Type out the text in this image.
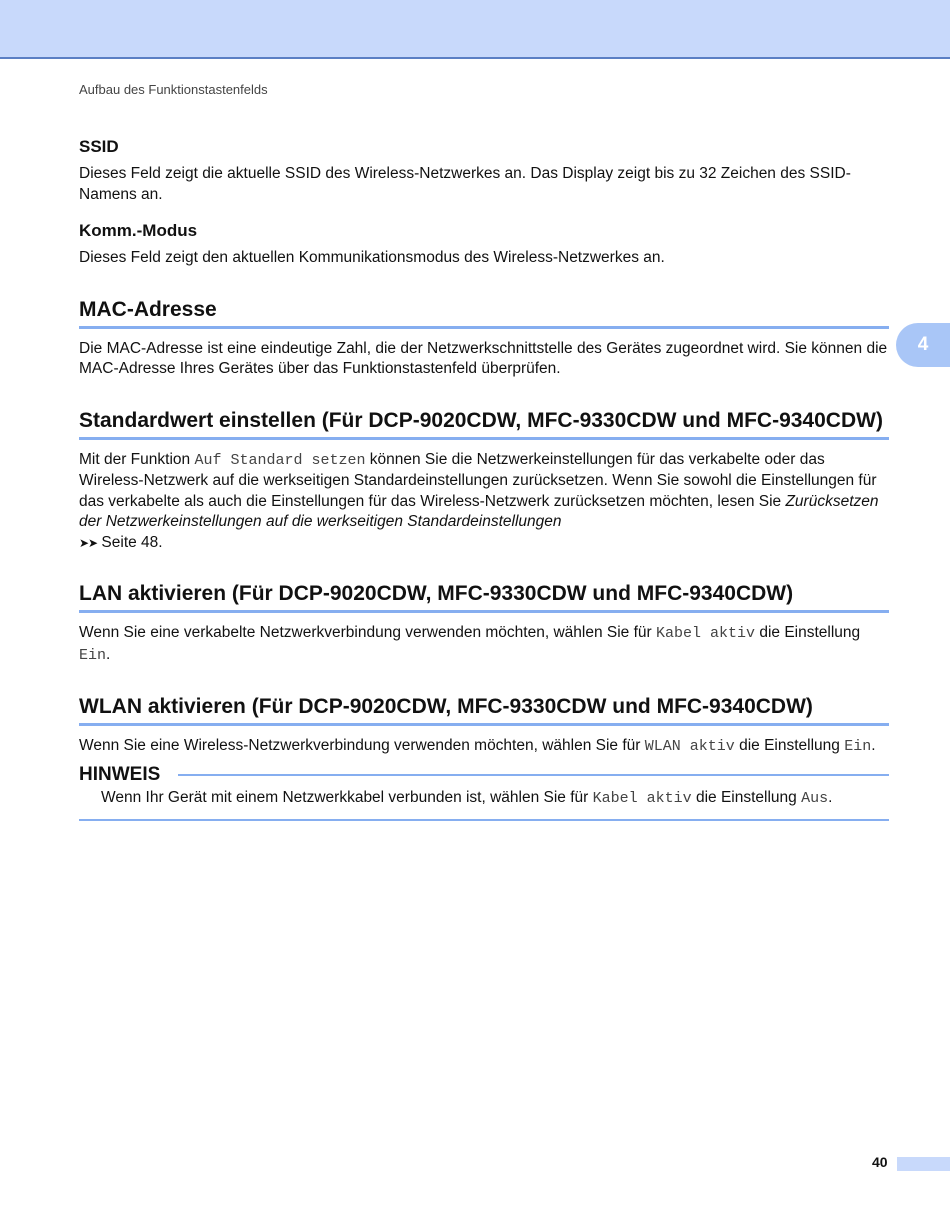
Aufbau des Funktionstastenfelds
4
SSID

Dieses Feld zeigt die aktuelle SSID des Wireless-Netzwerkes an. Das Display zeigt bis zu 32 Zeichen des SSID-Namens an.

Komm.-Modus

Dieses Feld zeigt den aktuellen Kommunikationsmodus des Wireless-Netzwerkes an.

MAC-Adresse

Die MAC-Adresse ist eine eindeutige Zahl, die der Netzwerkschnittstelle des Gerätes zugeordnet wird. Sie können die MAC-Adresse Ihres Gerätes über das Funktionstastenfeld überprüfen.

Standardwert einstellen (Für DCP-9020CDW, MFC-9330CDW und MFC-9340CDW)

Mit der Funktion Auf Standard setzen können Sie die Netzwerkeinstellungen für das verkabelte oder das Wireless-Netzwerk auf die werkseitigen Standardeinstellungen zurücksetzen. Wenn Sie sowohl die Einstellungen für das verkabelte als auch die Einstellungen für das Wireless-Netzwerk zurücksetzen möchten, lesen Sie Zurücksetzen der Netzwerkeinstellungen auf die werkseitigen Standardeinstellungen
➤➤ Seite 48.

LAN aktivieren (Für DCP-9020CDW, MFC-9330CDW und MFC-9340CDW)

Wenn Sie eine verkabelte Netzwerkverbindung verwenden möchten, wählen Sie für Kabel aktiv die Einstellung Ein.

WLAN aktivieren (Für DCP-9020CDW, MFC-9330CDW und MFC-9340CDW)

Wenn Sie eine Wireless-Netzwerkverbindung verwenden möchten, wählen Sie für WLAN aktiv die Einstellung Ein.

HINWEIS

Wenn Ihr Gerät mit einem Netzwerkkabel verbunden ist, wählen Sie für Kabel aktiv die Einstellung Aus.

40
